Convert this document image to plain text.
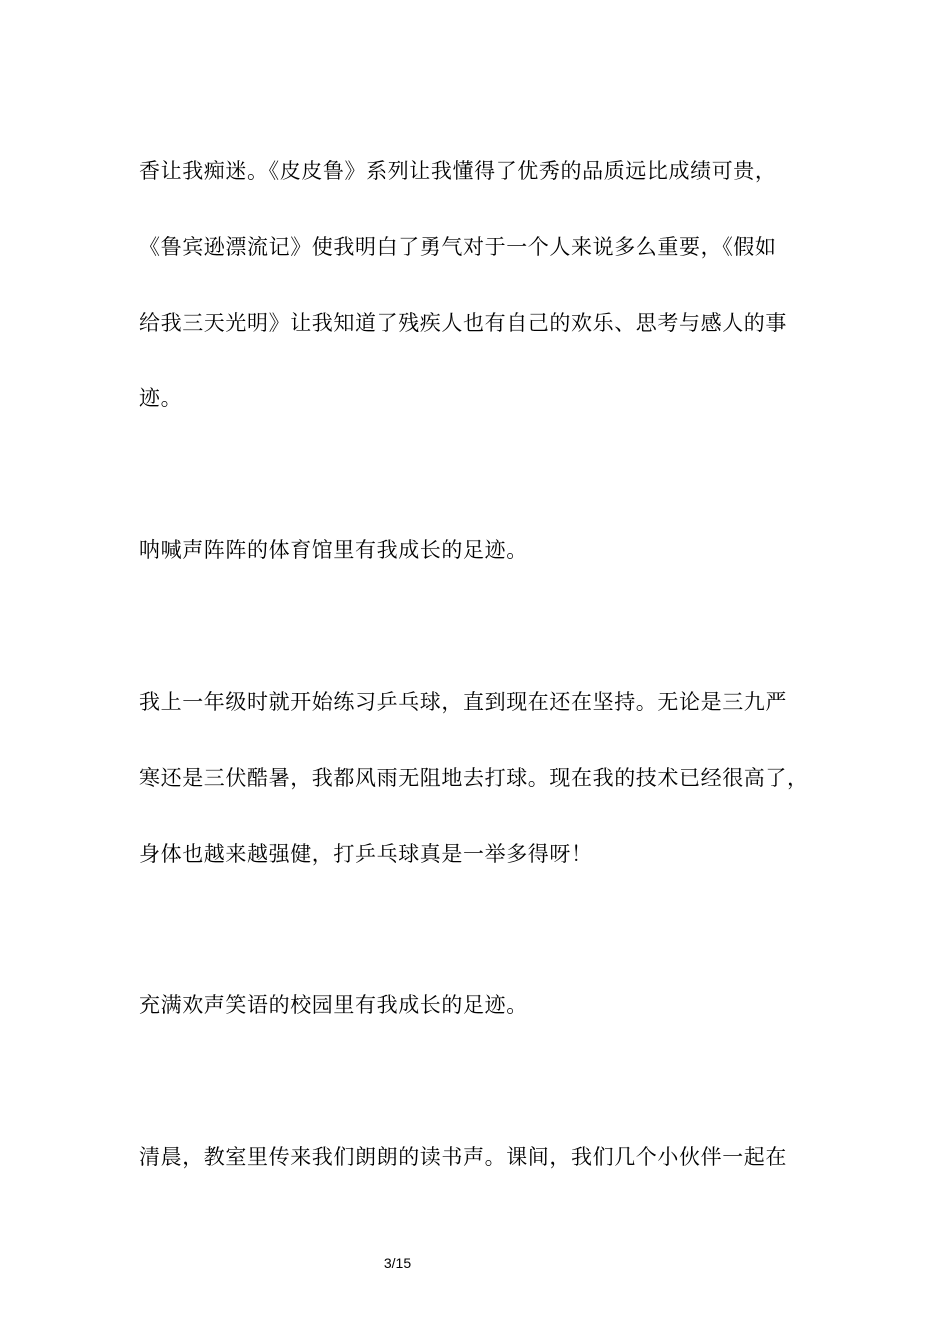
香让我痴迷。《皮皮鲁》系列让我懂得了优秀的品质远比成绩可贵，
《鲁宾逊漂流记》使我明白了勇气对于一个人来说多么重要，《假如
给我三天光明》让我知道了残疾人也有自己的欢乐、思考与感人的事
迹。
呐喊声阵阵的体育馆里有我成长的足迹。
我上一年级时就开始练习乒乓球，直到现在还在坚持。无论是三九严
寒还是三伏酷暑，我都风雨无阻地去打球。现在我的技术已经很高了，
身体也越来越强健，打乒乓球真是一举多得呀！
充满欢声笑语的校园里有我成长的足迹。
清晨，教室里传来我们朗朗的读书声。课间，我们几个小伙伴一起在
3/15
